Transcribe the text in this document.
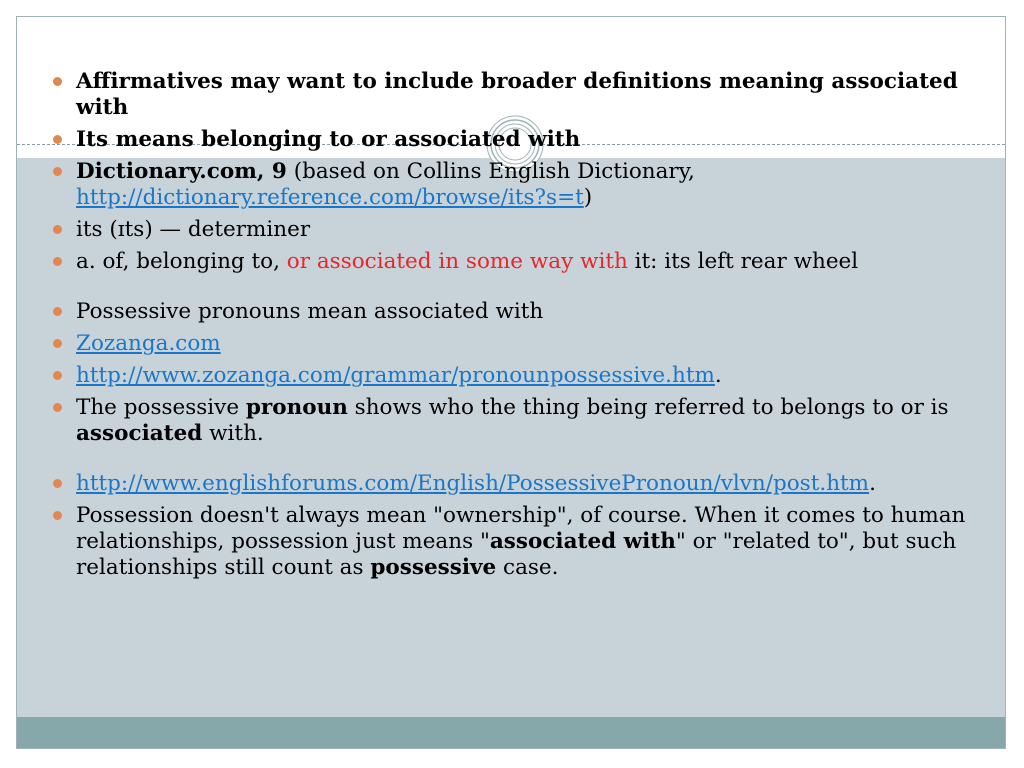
Affirmatives may want to include broader definitions meaning associated with
Its means belonging to or associated with
Dictionary.com, 9 (based on Collins English Dictionary, http://dictionary.reference.com/browse/its?s=t)
its (ɪts) — determiner
a. of, belonging to, or associated in some way with it: its left rear wheel
Possessive pronouns mean associated with
Zozanga.com
http://www.zozanga.com/grammar/pronounpossessive.htm.
The possessive pronoun shows who the thing being referred to belongs to or is associated with.
http://www.englishforums.com/English/PossessivePronoun/vlvn/post.htm.
Possession doesn't always mean "ownership", of course. When it comes to human relationships, possession just means "associated with" or "related to", but such relationships still count as possessive case.
